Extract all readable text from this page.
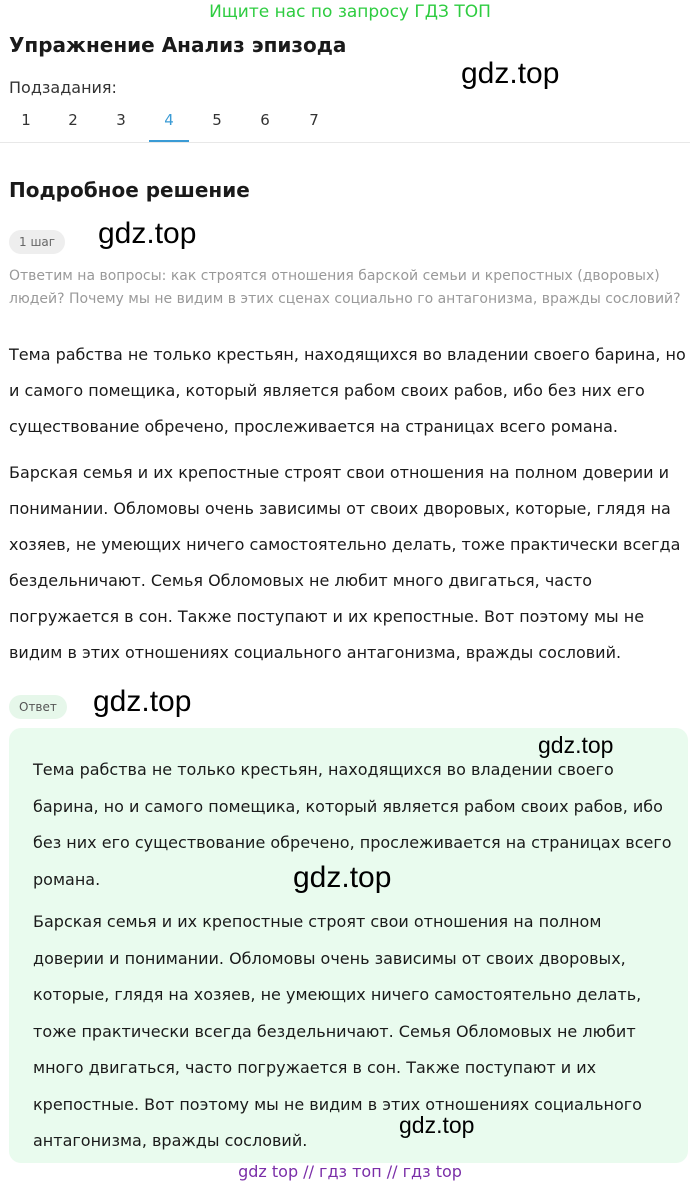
Ищите нас по запросу ГДЗ ТОП
Упражнение Анализ эпизода
gdz.top
Подзадания:
1	2	3	4	5	6	7
Подробное решение
1 шаг	gdz.top

Ответим на вопросы: как строятся отношения барской семьи и крепостных (дворовых) людей? Почему мы не видим в этих сценах социально го антагонизма, вражды сословий?

Тема рабства не только крестьян, находящихся во владении своего барина, но и самого помещика, который является рабом своих рабов, ибо без них его существование обречено, прослеживается на страницах всего романа.

Барская семья и их крепостные строят свои отношения на полном доверии и понимании. Обломовы очень зависимы от своих дворовых, которые, глядя на хозяев, не умеющих ничего самостоятельно делать, тоже практически всегда бездельничают. Семья Обломовых не любит много двигаться, часто погружается в сон. Также поступают и их крепостные. Вот поэтому мы не видим в этих отношениях социального антагонизма, вражды сословий.

Ответ	gdz.top

Тема рабства не только крестьян, находящихся во владении своего барина, но и самого помещика, который является рабом своих рабов, ибо без них его существование обречено, прослеживается на страницах всего романа.

Барская семья и их крепостные строят свои отношения на полном доверии и понимании. Обломовы очень зависимы от своих дворовых, которые, глядя на хозяев, не умеющих ничего самостоятельно делать, тоже практически всегда бездельничают. Семья Обломовых не любит много двигаться, часто погружается в сон. Также поступают и их крепостные. Вот поэтому мы не видим в этих отношениях социального антагонизма, вражды сословий.

gdz.top
gdz.top
gdz.top
gdz top // гдз топ // гдз top
